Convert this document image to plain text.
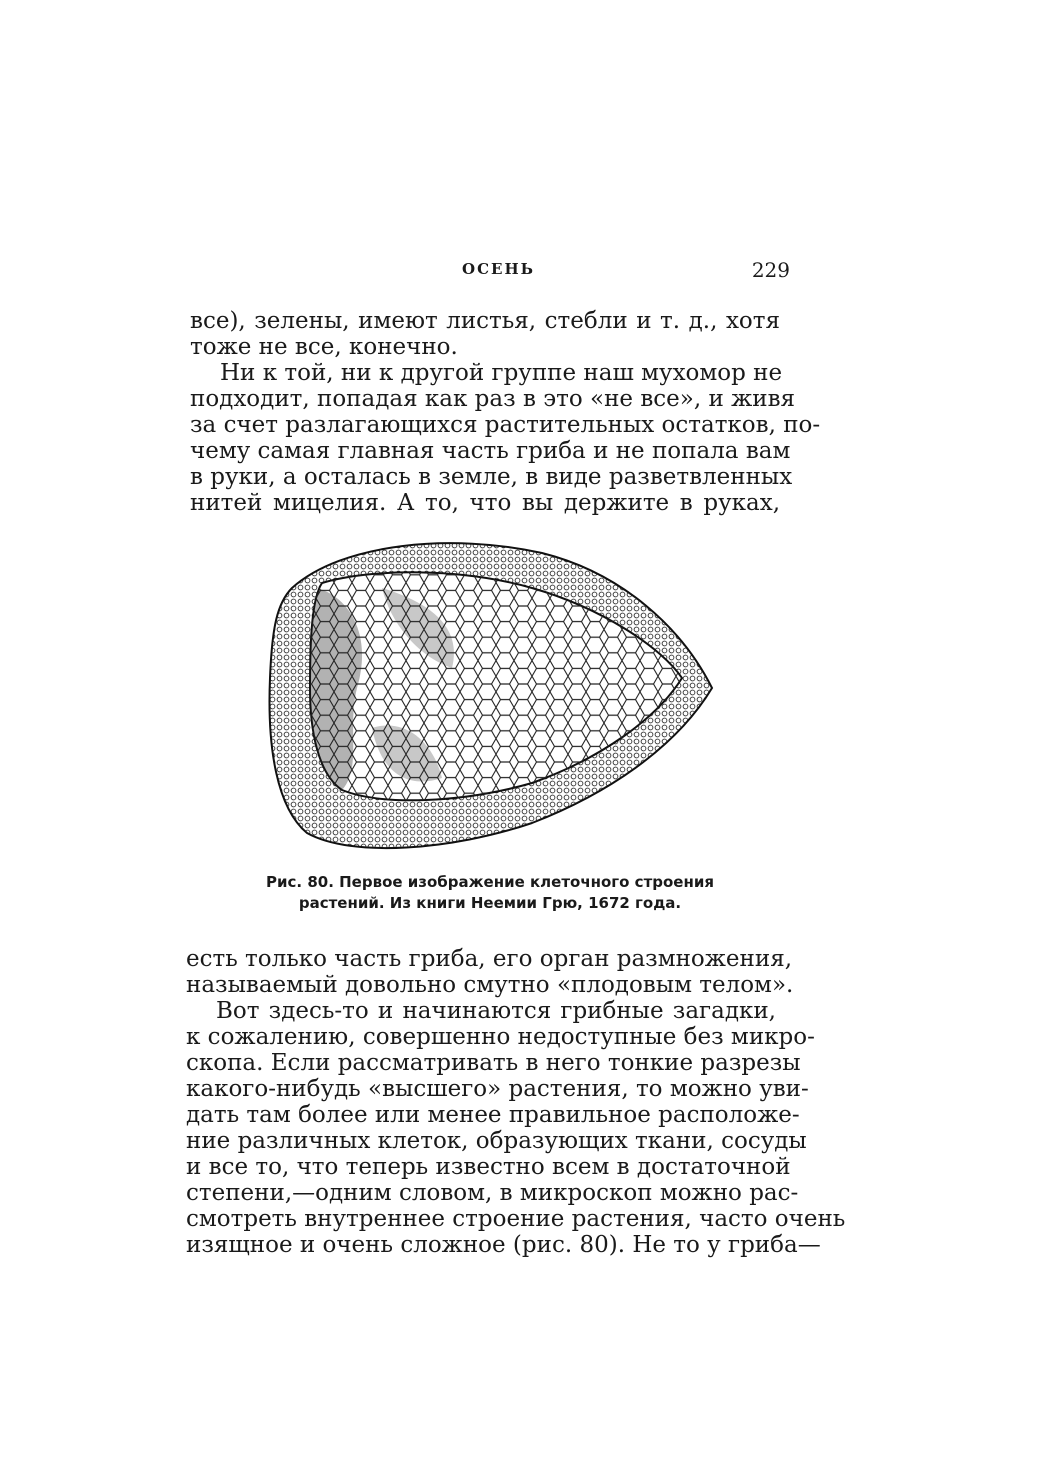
ОСЕНЬ	229
все), зелены, имеют листья, стебли и т. д., хотя
тоже не все, конечно.
Ни к той, ни к другой группе наш мухомор не
подходит, попадая как раз в это «не все», и живя
за счет разлагающихся растительных остатков, по-
чему самая главная часть гриба и не попала вам
в руки, а осталась в земле, в виде разветвленных
нитей мицелия. А то, что вы держите в руках,
Рис. 80. Первое изображение клеточного строения
растений. Из книги Неемии Грю, 1672 года.
есть только часть гриба, его орган размножения,
называемый довольно смутно «плодовым телом».
Вот здесь-то и начинаются грибные загадки,
к сожалению, совершенно недоступные без микро-
скопа. Если рассматривать в него тонкие разрезы
какого-нибудь «высшего» растения, то можно уви-
дать там более или менее правильное расположе-
ние различных клеток, образующих ткани, сосуды
и все то, что теперь известно всем в достаточной
степени,—одним словом, в микроскоп можно рас-
смотреть внутреннее строение растения, часто очень
изящное и очень сложное (рис. 80). Не то у гриба—
